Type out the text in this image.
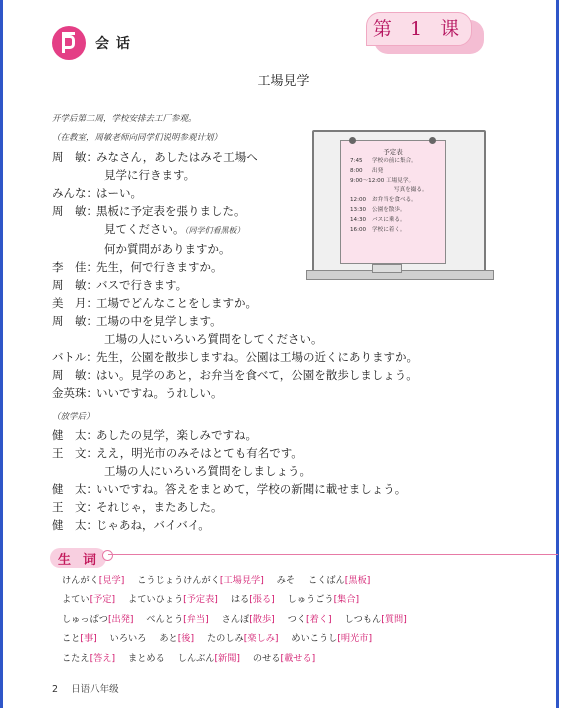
会 话
第 1 课
工場見学
开学后第二周，学校安排去工厂参观。
（在教室，周敏老师向同学们说明参观计划）
周　敏：みなさん，あしたはみそ工場へ
見学に行きます。
みんな：はーい。
周　敏：黒板に予定表を張りました。
見てください。（同学们看黑板）
何か質問がありますか。
李　佳：先生，何で行きますか。
周　敏：バスで行きます。
美　月：工場でどんなことをしますか。
周　敏：工場の中を見学します。
工場の人にいろいろ質問をしてください。
バトル：先生，公園を散歩しますね。公園は工場の近くにありますか。
周　敏：はい。見学のあと，お弁当を食べて，公園を散歩しましょう。
金英珠：いいですね。うれしい。
（放学后）
健　太：あしたの見学，楽しみですね。
王　文：ええ，明光市のみそはとても有名です。
工場の人にいろいろ質問をしましょう。
健　太：いいですね。答えをまとめて，学校の新聞に載せましょう。
王　文：それじゃ，またあした。
健　太：じゃあね，バイバイ。
予定表
7:45 学校の前に集合。
8:00 出発
9:00〜12:00 工場見学。
写真を撮る。
12:00 お弁当を食べる。
13:30 公園を散歩。
14:30 バスに乗る。
16:00 学校に着く。
生 词
けんがく[見学] こうじょうけんがく[工場見学] みそ こくばん[黒板]
よてい[予定] よていひょう[予定表] はる[張る] しゅうごう[集合]
しゅっぱつ[出発] べんとう[弁当] さんぽ[散歩] つく[着く] しつもん[質問]
こと[事] いろいろ あと[後] たのしみ[楽しみ] めいこうし[明光市]
こたえ[答え] まとめる しんぶん[新聞] のせる[載せる]
2 日语八年级
